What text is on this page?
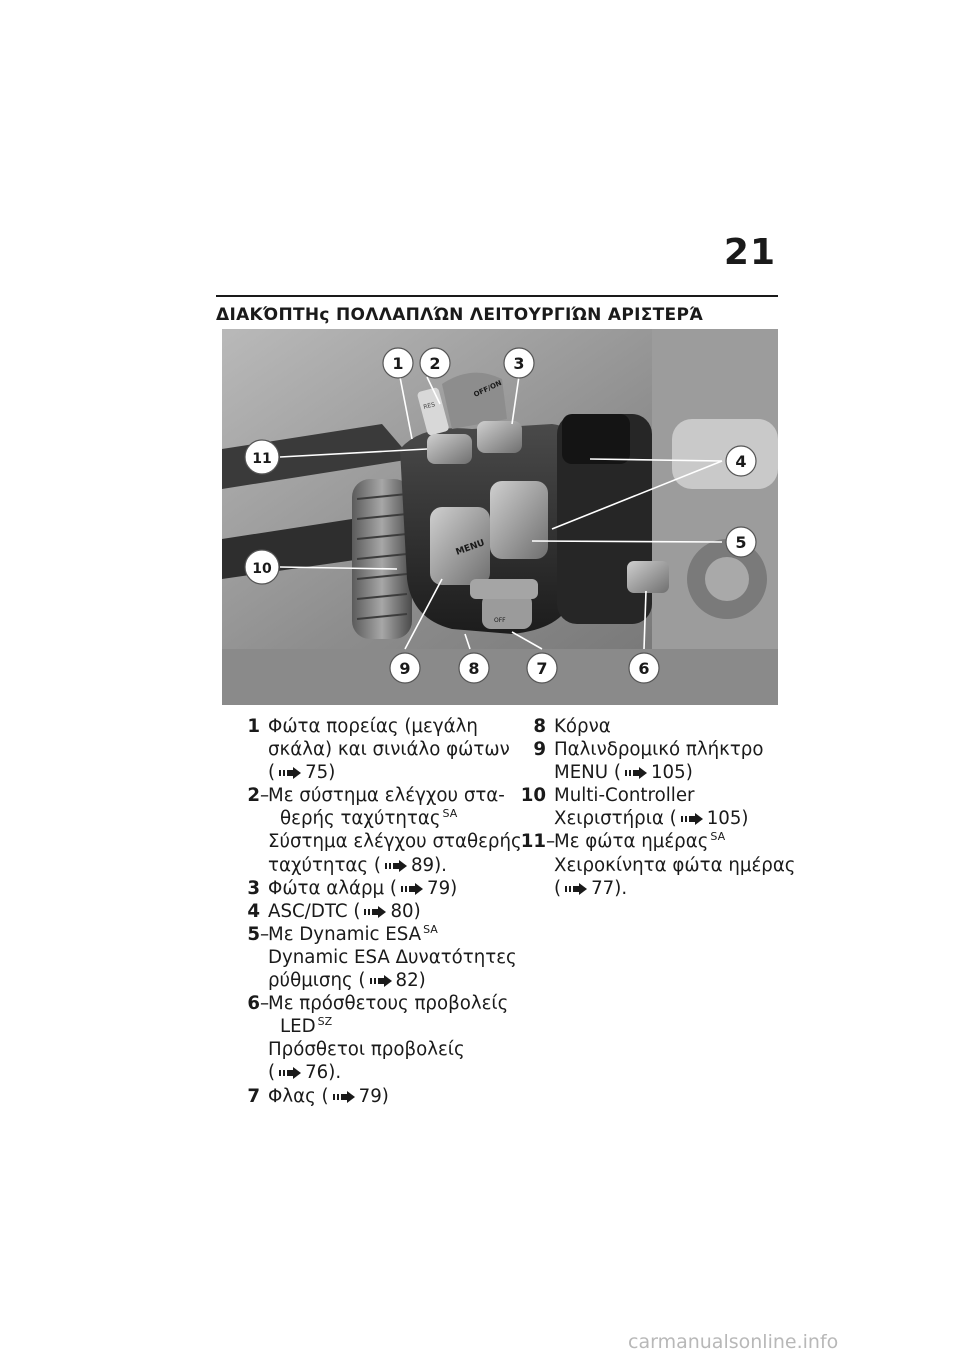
21
ΔΙΑΚΌΠΤΗς ΠΟΛΛΑΠΛΏΝ ΛΕΙΤΟΥΡΓΙΏΝ ΑΡΙΣΤΕΡΆ
MENU
OFF/ON
OFF
RES
1 2	3
4
5
6
7
8
9
10
11
1 Φώτα πορείας (μεγάλη
σκάλα) και σινιάλο φώτων
( 75)
2 –
Με σύστημα ελέγχου στα-
θερής ταχύτητας $^{SA}$
Σύστημα ελέγχου σταθερής
ταχύτητας ( 89).
3 Φώτα αλάρμ ( 79)
4 ASC/DTC ( 80)
5 –
Με Dynamic ESA $^{SA}$
Dynamic ESA Δυνατότητες
ρύθμισης ( 82)
6 –
Με πρόσθετους προβολείς
LED $^{SZ}$
Πρόσθετοι προβολείς
( 76).
7 Φλας ( 79)
8 Κόρνα
9 Παλινδρομικό πλήκτρο
MENU ( 105)
10 Multi-Controller
Χειριστήρια ( 105)
11 –
Με φώτα ημέρας $^{SA}$
Χειροκίνητα φώτα ημέρας
( 77).
carmanualsonline.info
